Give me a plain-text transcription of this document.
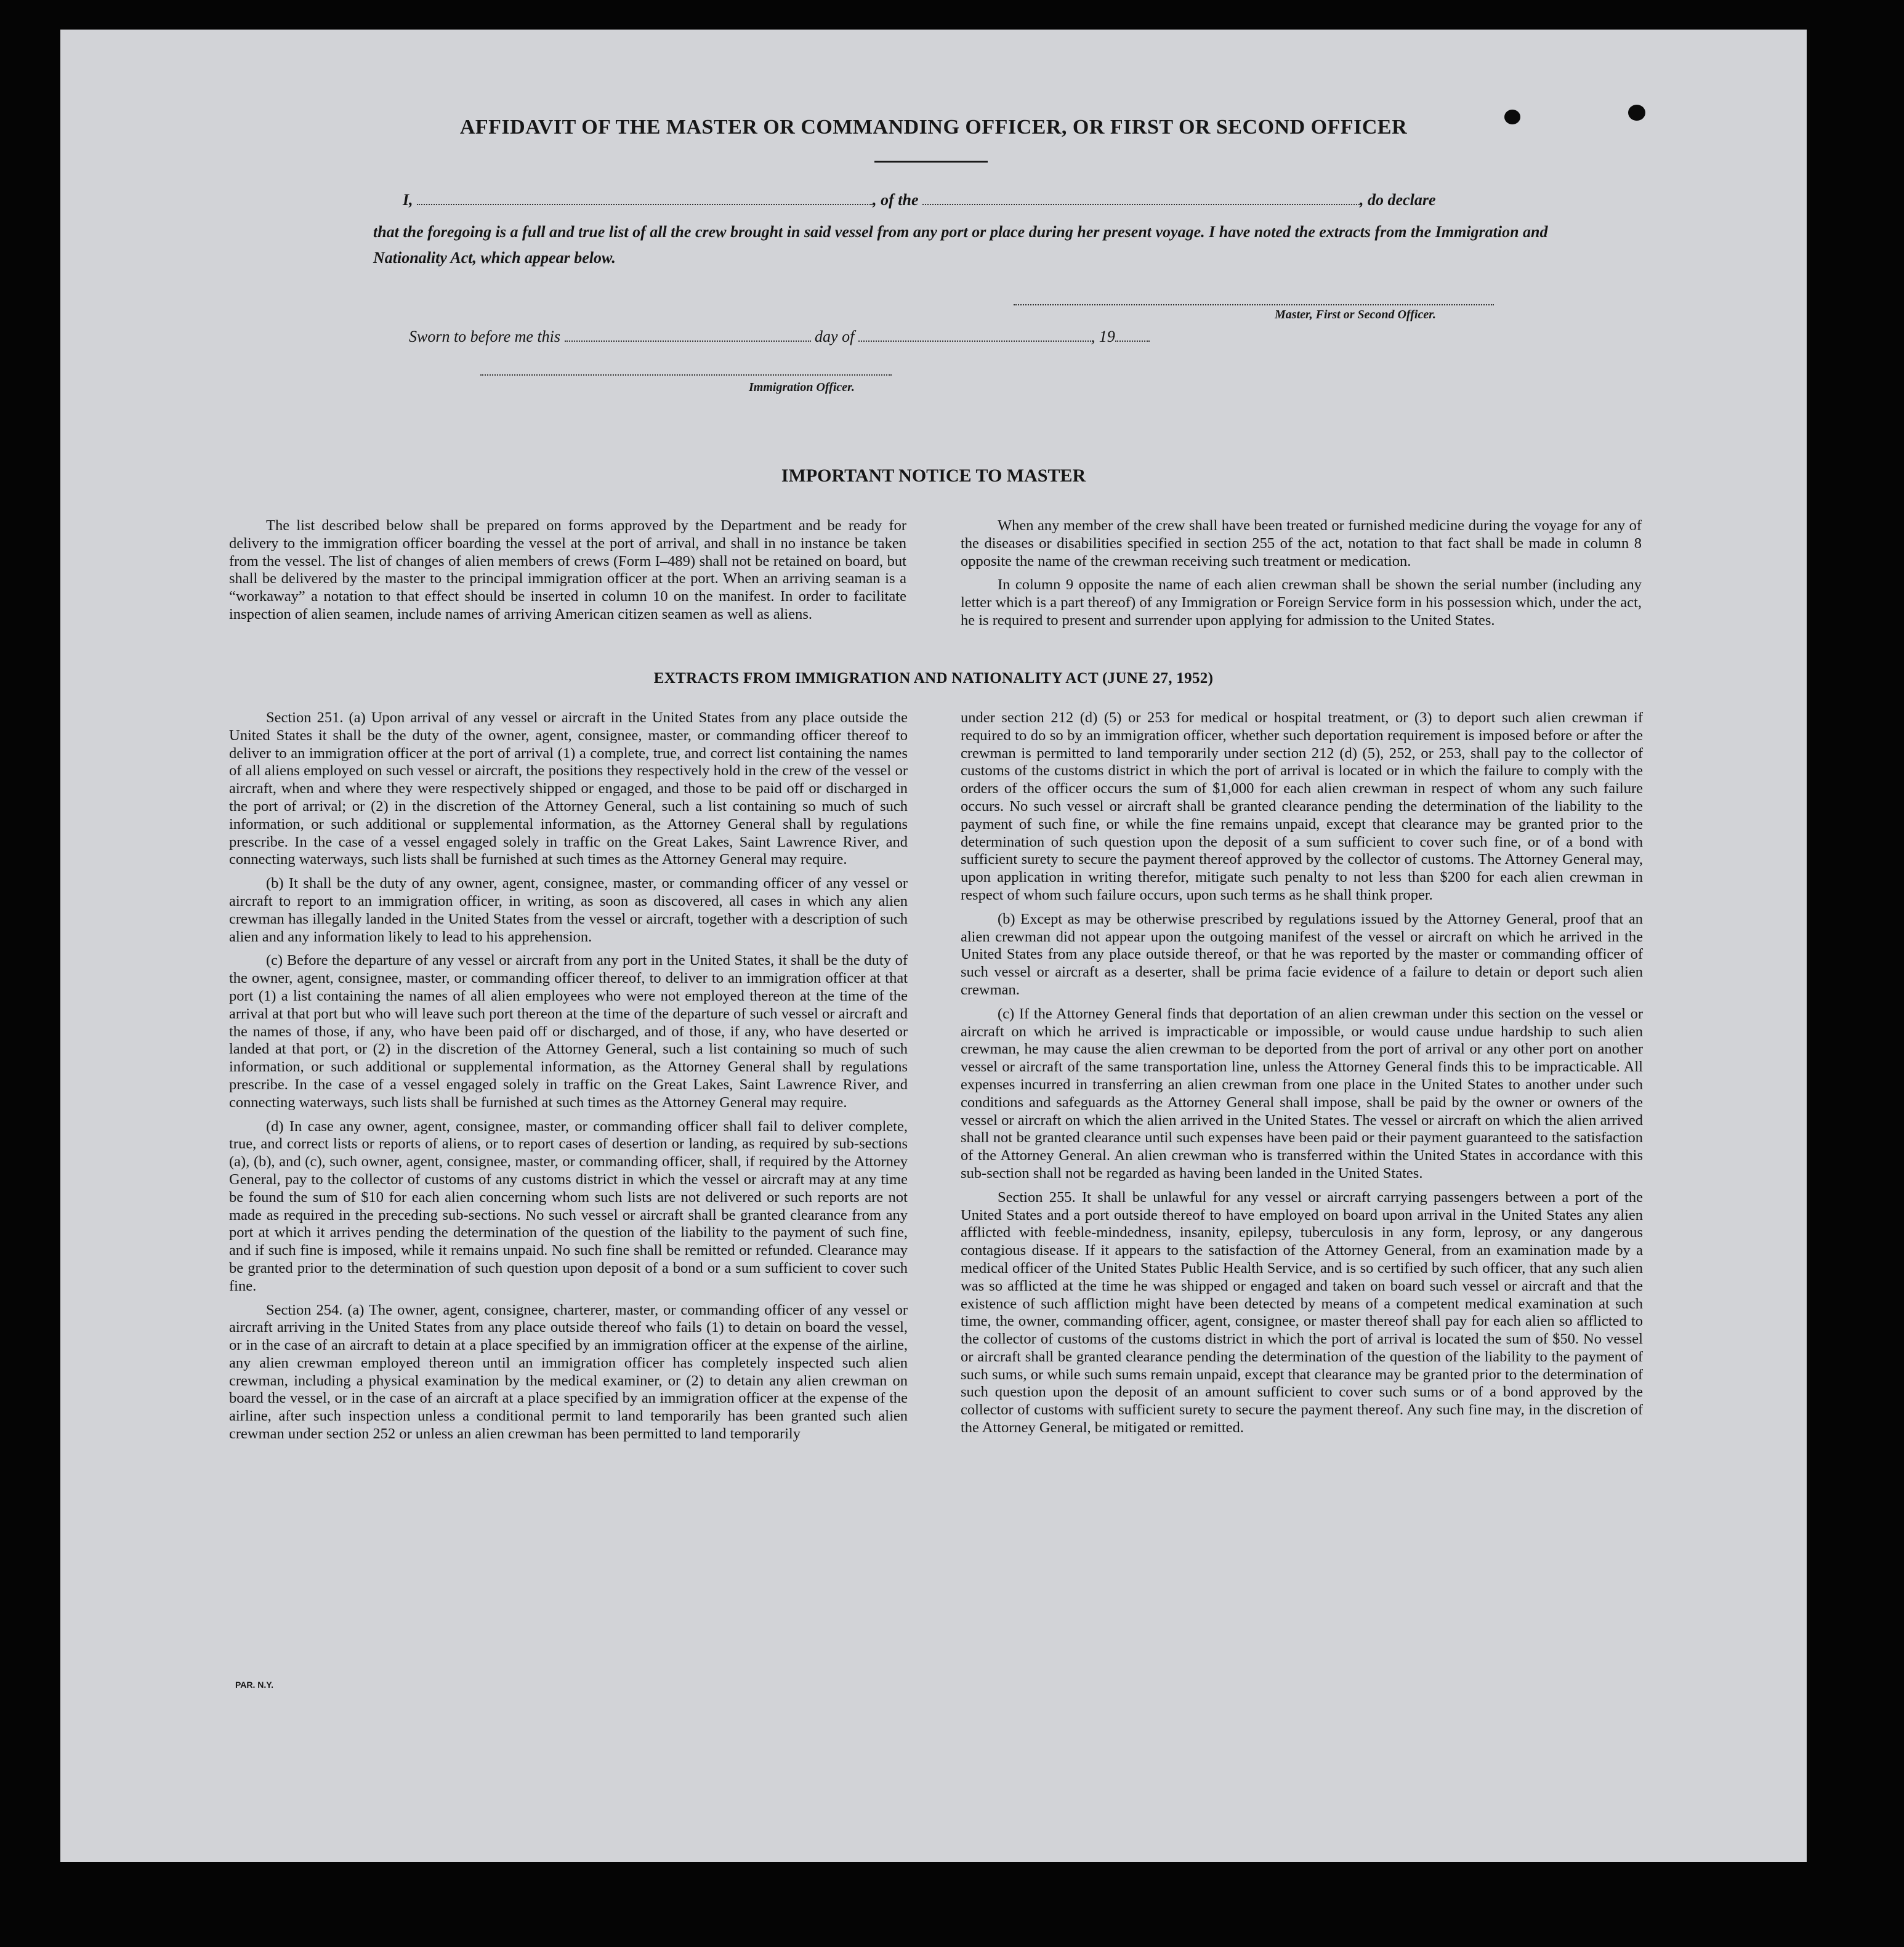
AFFIDAVIT OF THE MASTER OR COMMANDING OFFICER, OR FIRST OR SECOND OFFICER
I,	, of the	, do declare
that the foregoing is a full and true list of all the crew brought in said vessel from any port or place during her present voyage. I have noted the extracts from the Immigration and Nationality Act, which appear below.
Master, First or Second Officer.
Sworn to before me this	day of	, 19
Immigration Officer.
IMPORTANT NOTICE TO MASTER

The list described below shall be prepared on forms approved by the Department and be ready for delivery to the immigration officer boarding the vessel at the port of arrival, and shall in no instance be taken from the vessel. The list of changes of alien members of crews (Form I–489) shall not be retained on board, but shall be delivered by the master to the principal immigration officer at the port. When an arriving seaman is a “workaway” a notation to that effect should be inserted in column 10 on the manifest. In order to facilitate inspection of alien seamen, include names of arriving American citizen seamen as well as aliens.

When any member of the crew shall have been treated or furnished medicine during the voyage for any of the diseases or disabilities specified in section 255 of the act, notation to that fact shall be made in column 8 opposite the name of the crewman receiving such treatment or medication.

In column 9 opposite the name of each alien crewman shall be shown the serial number (including any letter which is a part thereof) of any Immigration or Foreign Service form in his possession which, under the act, he is required to present and surrender upon applying for admission to the United States.

EXTRACTS FROM IMMIGRATION AND NATIONALITY ACT (JUNE 27, 1952)

Section 251. (a) Upon arrival of any vessel or aircraft in the United States from any place outside the United States it shall be the duty of the owner, agent, consignee, master, or commanding officer thereof to deliver to an immigration officer at the port of arrival (1) a complete, true, and correct list containing the names of all aliens employed on such vessel or aircraft, the positions they respectively hold in the crew of the vessel or aircraft, when and where they were respectively shipped or engaged, and those to be paid off or discharged in the port of arrival; or (2) in the discretion of the Attorney General, such a list containing so much of such information, or such additional or supplemental information, as the Attorney General shall by regulations prescribe. In the case of a vessel engaged solely in traffic on the Great Lakes, Saint Lawrence River, and connecting waterways, such lists shall be furnished at such times as the Attorney General may require.

(b) It shall be the duty of any owner, agent, consignee, master, or commanding officer of any vessel or aircraft to report to an immigration officer, in writing, as soon as discovered, all cases in which any alien crewman has illegally landed in the United States from the vessel or aircraft, together with a description of such alien and any information likely to lead to his apprehension.

(c) Before the departure of any vessel or aircraft from any port in the United States, it shall be the duty of the owner, agent, consignee, master, or commanding officer thereof, to deliver to an immigration officer at that port (1) a list containing the names of all alien employees who were not employed thereon at the time of the arrival at that port but who will leave such port thereon at the time of the departure of such vessel or aircraft and the names of those, if any, who have been paid off or discharged, and of those, if any, who have deserted or landed at that port, or (2) in the discretion of the Attorney General, such a list containing so much of such information, or such additional or supplemental information, as the Attorney General shall by regulations prescribe. In the case of a vessel engaged solely in traffic on the Great Lakes, Saint Lawrence River, and connecting waterways, such lists shall be furnished at such times as the Attorney General may require.

(d) In case any owner, agent, consignee, master, or commanding officer shall fail to deliver complete, true, and correct lists or reports of aliens, or to report cases of desertion or landing, as required by sub-sections (a), (b), and (c), such owner, agent, consignee, master, or commanding officer, shall, if required by the Attorney General, pay to the collector of customs of any customs district in which the vessel or aircraft may at any time be found the sum of $10 for each alien concerning whom such lists are not delivered or such reports are not made as required in the preceding sub-sections. No such vessel or aircraft shall be granted clearance from any port at which it arrives pending the determination of the question of the liability to the payment of such fine, and if such fine is imposed, while it remains unpaid. No such fine shall be remitted or refunded. Clearance may be granted prior to the determination of such question upon deposit of a bond or a sum sufficient to cover such fine.

Section 254. (a) The owner, agent, consignee, charterer, master, or commanding officer of any vessel or aircraft arriving in the United States from any place outside thereof who fails (1) to detain on board the vessel, or in the case of an aircraft to detain at a place specified by an immigration officer at the expense of the airline, any alien crewman employed thereon until an immigration officer has completely inspected such alien crewman, including a physical examination by the medical examiner, or (2) to detain any alien crewman on board the vessel, or in the case of an aircraft at a place specified by an immigration officer at the expense of the airline, after such inspection unless a conditional permit to land temporarily has been granted such alien crewman under section 252 or unless an alien crewman has been permitted to land temporarily

under section 212 (d) (5) or 253 for medical or hospital treatment, or (3) to deport such alien crewman if required to do so by an immigration officer, whether such deportation requirement is imposed before or after the crewman is permitted to land temporarily under section 212 (d) (5), 252, or 253, shall pay to the collector of customs of the customs district in which the port of arrival is located or in which the failure to comply with the orders of the officer occurs the sum of $1,000 for each alien crewman in respect of whom any such failure occurs. No such vessel or aircraft shall be granted clearance pending the determination of the liability to the payment of such fine, or while the fine remains unpaid, except that clearance may be granted prior to the determination of such question upon the deposit of a sum sufficient to cover such fine, or of a bond with sufficient surety to secure the payment thereof approved by the collector of customs. The Attorney General may, upon application in writing therefor, mitigate such penalty to not less than $200 for each alien crewman in respect of whom such failure occurs, upon such terms as he shall think proper.

(b) Except as may be otherwise prescribed by regulations issued by the Attorney General, proof that an alien crewman did not appear upon the outgoing manifest of the vessel or aircraft on which he arrived in the United States from any place outside thereof, or that he was reported by the master or commanding officer of such vessel or aircraft as a deserter, shall be prima facie evidence of a failure to detain or deport such alien crewman.

(c) If the Attorney General finds that deportation of an alien crewman under this section on the vessel or aircraft on which he arrived is impracticable or impossible, or would cause undue hardship to such alien crewman, he may cause the alien crewman to be deported from the port of arrival or any other port on another vessel or aircraft of the same transportation line, unless the Attorney General finds this to be impracticable. All expenses incurred in transferring an alien crewman from one place in the United States to another under such conditions and safeguards as the Attorney General shall impose, shall be paid by the owner or owners of the vessel or aircraft on which the alien arrived in the United States. The vessel or aircraft on which the alien arrived shall not be granted clearance until such expenses have been paid or their payment guaranteed to the satisfaction of the Attorney General. An alien crewman who is transferred within the United States in accordance with this sub-section shall not be regarded as having been landed in the United States.

Section 255. It shall be unlawful for any vessel or aircraft carrying passengers between a port of the United States and a port outside thereof to have employed on board upon arrival in the United States any alien afflicted with feeble-mindedness, insanity, epilepsy, tuberculosis in any form, leprosy, or any dangerous contagious disease. If it appears to the satisfaction of the Attorney General, from an examination made by a medical officer of the United States Public Health Service, and is so certified by such officer, that any such alien was so afflicted at the time he was shipped or engaged and taken on board such vessel or aircraft and that the existence of such affliction might have been detected by means of a competent medical examination at such time, the owner, commanding officer, agent, consignee, or master thereof shall pay for each alien so afflicted to the collector of customs of the customs district in which the port of arrival is located the sum of $50. No vessel or aircraft shall be granted clearance pending the determination of the question of the liability to the payment of such sums, or while such sums remain unpaid, except that clearance may be granted prior to the determination of such question upon the deposit of an amount sufficient to cover such sums or of a bond approved by the collector of customs with sufficient surety to secure the payment thereof. Any such fine may, in the discretion of the Attorney General, be mitigated or remitted.

PAR. N.Y.
